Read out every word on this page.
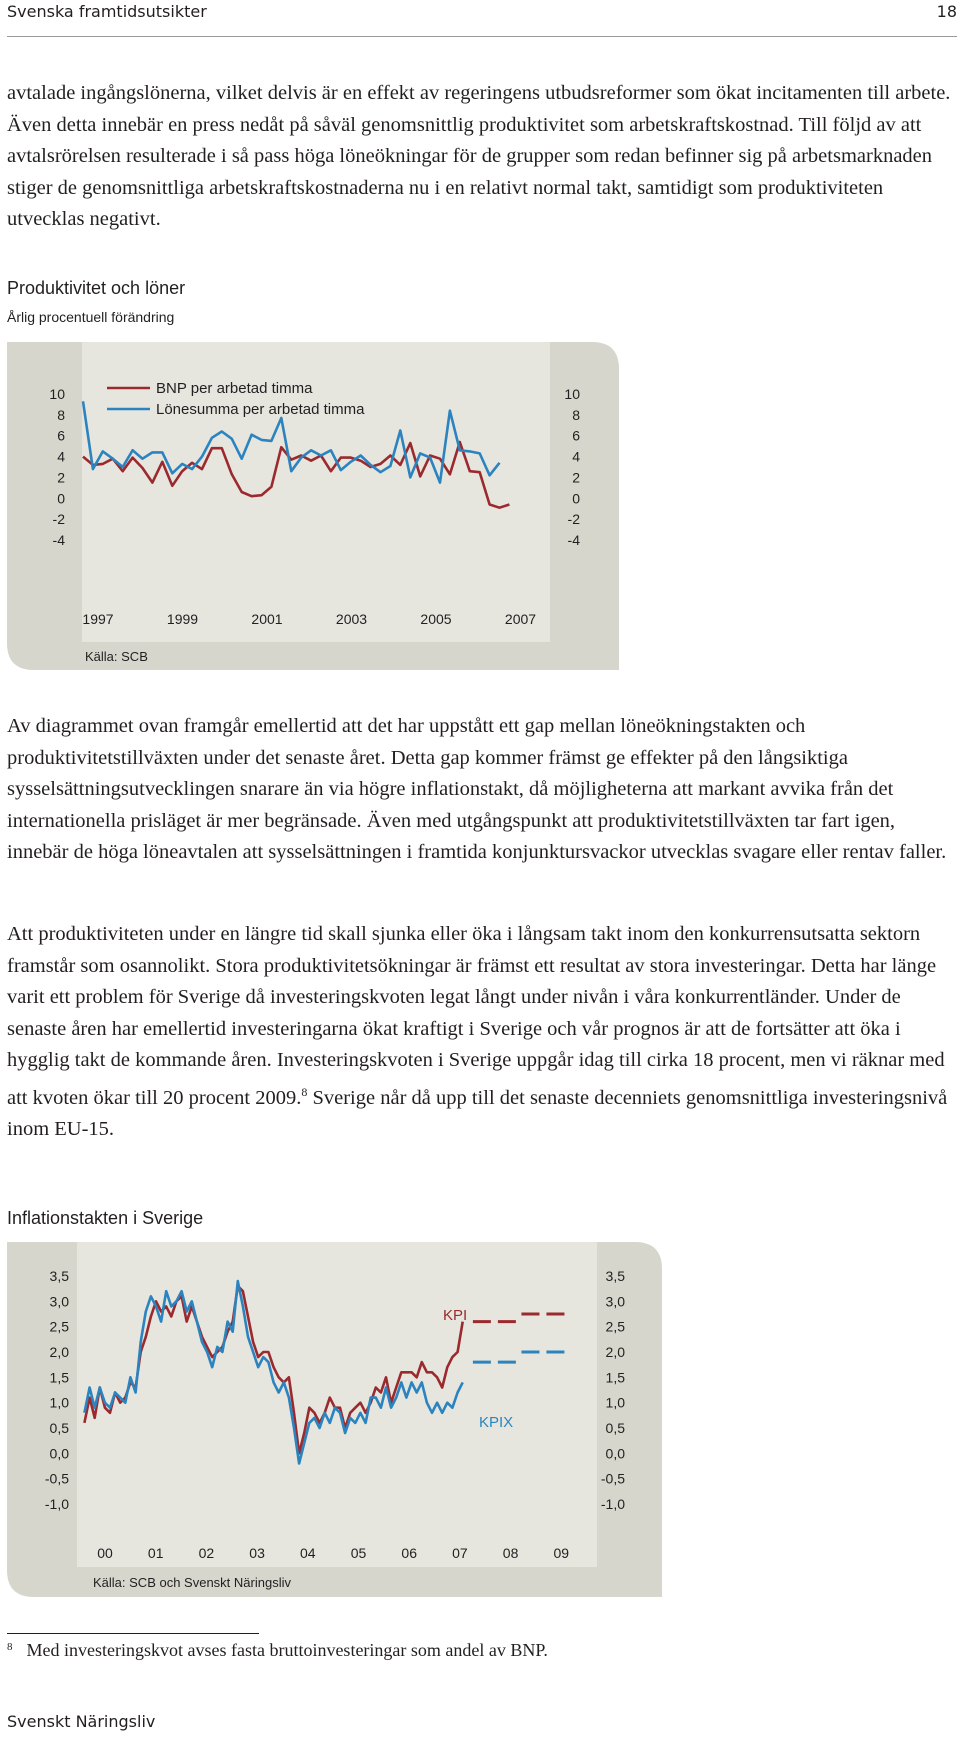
Svenska framtidsutsikter	18

avtalade ingångslönerna, vilket delvis är en effekt av regeringens utbudsreformer som ökat incitamenten till arbete. Även detta innebär en press nedåt på såväl genomsnittlig produktivitet som arbetskraftskostnad. Till följd av att avtalsrörelsen resulterade i så pass höga löneökningar för de grupper som redan befinner sig på arbetsmarknaden stiger de genomsnittliga arbetskraftskostnaderna nu i en relativt normal takt, samtidigt som produktiviteten utvecklas negativt.

Produktivitet och löner
Årlig procentuell förändring
10
8
6
4
2
0
-2
-4
10
8
6
4
2
0
-2
-4
1997	1999	2001	2003	2005	2007
BNP per arbetad timma
Lönesumma per arbetad timma
Källa: SCB

Av diagrammet ovan framgår emellertid att det har uppstått ett gap mellan löneökningstakten och produktivitetstillväxten under det senaste året. Detta gap kommer främst ge effekter på den långsiktiga sysselsättningsutvecklingen snarare än via högre inflationstakt, då möjligheterna att markant avvika från det internationella prisläget är mer begränsade. Även med utgångspunkt att produktivitetstillväxten tar fart igen, innebär de höga löneavtalen att sysselsättningen i framtida konjunktursvackor utvecklas svagare eller rentav faller.

Att produktiviteten under en längre tid skall sjunka eller öka i långsam takt inom den konkurrensutsatta sektorn framstår som osannolikt. Stora produktivitetsökningar är främst ett resultat av stora investeringar. Detta har länge varit ett problem för Sverige då investeringskvoten legat långt under nivån i våra konkurrentländer. Under de senaste åren har emellertid investeringarna ökat kraftigt i Sverige och vår prognos är att de fortsätter att öka i hygglig takt de kommande åren. Investeringskvoten i Sverige uppgår idag till cirka 18 procent, men vi räknar med att kvoten ökar till 20 procent 2009.$^8$ Sverige når då upp till det senaste decenniets genomsnittliga investeringsnivå inom EU-15.

Inflationstakten i Sverige
3,5
3,0
2,5
2,0
1,5
1,0
0,5
0,0
-0,5
-1,0
3,5
3,0
2,5
2,0
1,5
1,0
0,5
0,0
-0,5
-1,0
00	01	02	03	04	05	06	07	08	09
KPI
KPIX
Källa: SCB och Svenskt Näringsliv
$^8$ Med investeringskvot avses fasta bruttoinvesteringar som andel av BNP.
Svenskt Näringsliv
